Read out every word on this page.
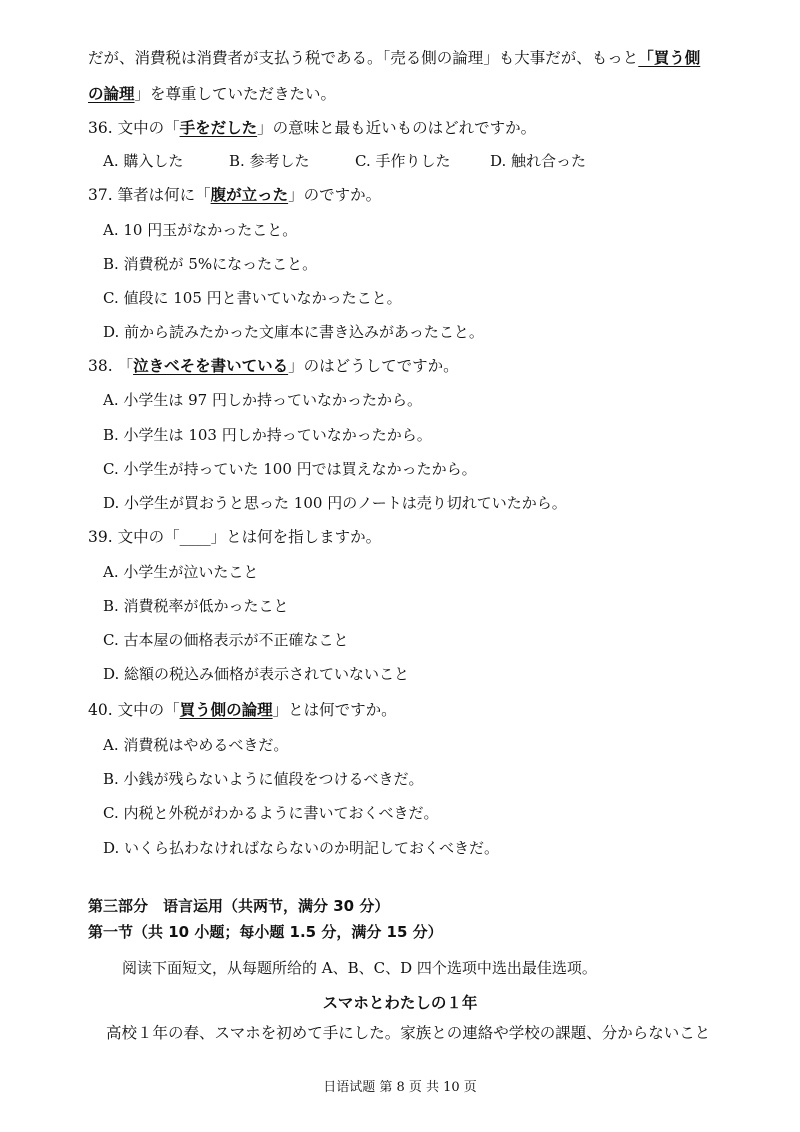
だが、消費税は消費者が支払う税である。「売る側の論理」も大事だが、もっと「買う側
の論理」を尊重していただきたい。
36. 文中の「手をだした」の意味と最も近いものはどれですか。
A. 購入した	B. 参考した	C. 手作りした	D. 触れ合った
37. 筆者は何に「腹が立った」のですか。
A. 10 円玉がなかったこと。
B. 消費税が 5%になったこと。
C. 値段に 105 円と書いていなかったこと。
D. 前から読みたかった文庫本に書き込みがあったこと。
38. 「泣きべそを書いている」のはどうしてですか。
A. 小学生は 97 円しか持っていなかったから。
B. 小学生は 103 円しか持っていなかったから。
C. 小学生が持っていた 100 円では買えなかったから。
D. 小学生が買おうと思った 100 円のノートは売り切れていたから。
39. 文中の「____」とは何を指しますか。
A. 小学生が泣いたこと
B. 消費税率が低かったこと
C. 古本屋の価格表示が不正確なこと
D. 総額の税込み価格が表示されていないこと
40. 文中の「買う側の論理」とは何ですか。
A. 消費税はやめるべきだ。
B. 小銭が残らないように値段をつけるべきだ。
C. 内税と外税がわかるように書いておくべきだ。
D. いくら払わなければならないのか明記しておくべきだ。
第三部分　语言运用（共两节，满分 30 分）
第一节（共 10 小题；每小题 1.5 分，满分 15 分）
阅读下面短文，从每题所给的 A、B、C、D 四个选项中选出最佳选项。
スマホとわたしの１年
高校１年の春、スマホを初めて手にした。家族との連絡や学校の課題、分からないこと
日语试题 第 8 页 共 10 页
